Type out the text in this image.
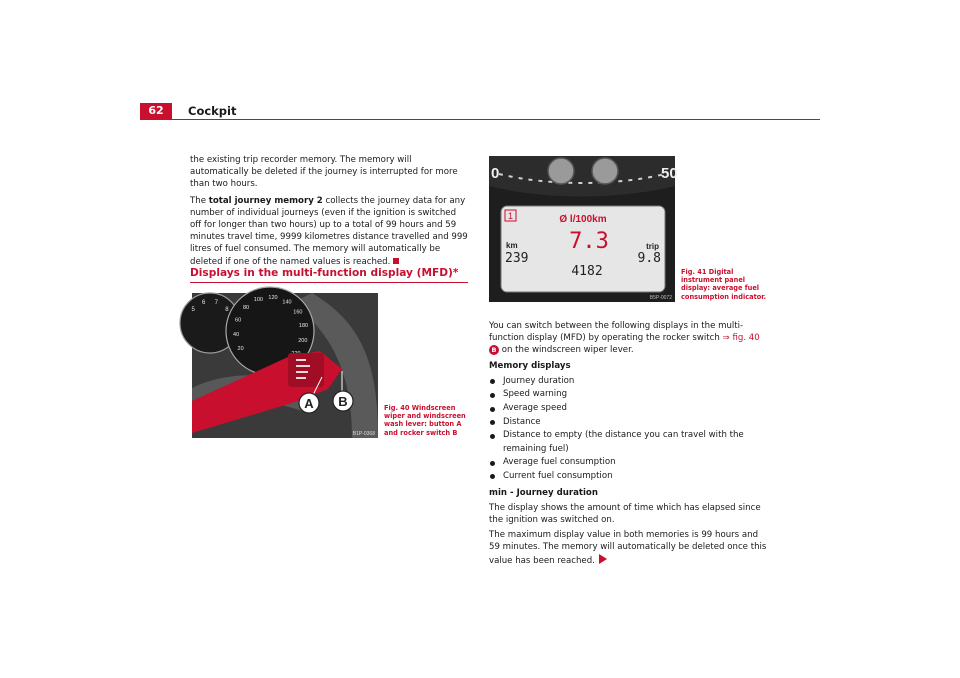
62	Cockpit

the existing trip recorder memory. The memory will automatically be deleted if the journey is interrupted for more than two hours.

The total journey memory 2 collects the journey data for any number of individual journeys (even if the ignition is switched off for longer than two hours) up to a total of 99 hours and 59 minutes travel time, 9999 kilometres distance travelled and 999 litres of fuel consumed. The memory will automatically be deleted if one of the named values is reached.

Displays in the multi-function display (MFD)*
20
40
60
80
100 120
140
160
180
200
5
6 7
8
A B
B1P-0368
Fig. 40 Windscreen wiper and windscreen wash lever: button A and rocker switch B
0	50
1	Ø l/100km
7.3
km
239
trip
9.8
4182
B5P-0072
Fig. 41 Digital instrument panel display: average fuel consumption indicator.

You can switch between the following displays in the multi-function display (MFD) by operating the rocker switch ⇒ fig. 40 B on the windscreen wiper lever.

Memory displays

Journey duration
Speed warning
Average speed
Distance
Distance to empty (the distance you can travel with the remaining fuel)
Average fuel consumption
Current fuel consumption

min - Journey duration

The display shows the amount of time which has elapsed since the ignition was switched on.

The maximum display value in both memories is 99 hours and 59 minutes. The memory will automatically be deleted once this value has been reached.
